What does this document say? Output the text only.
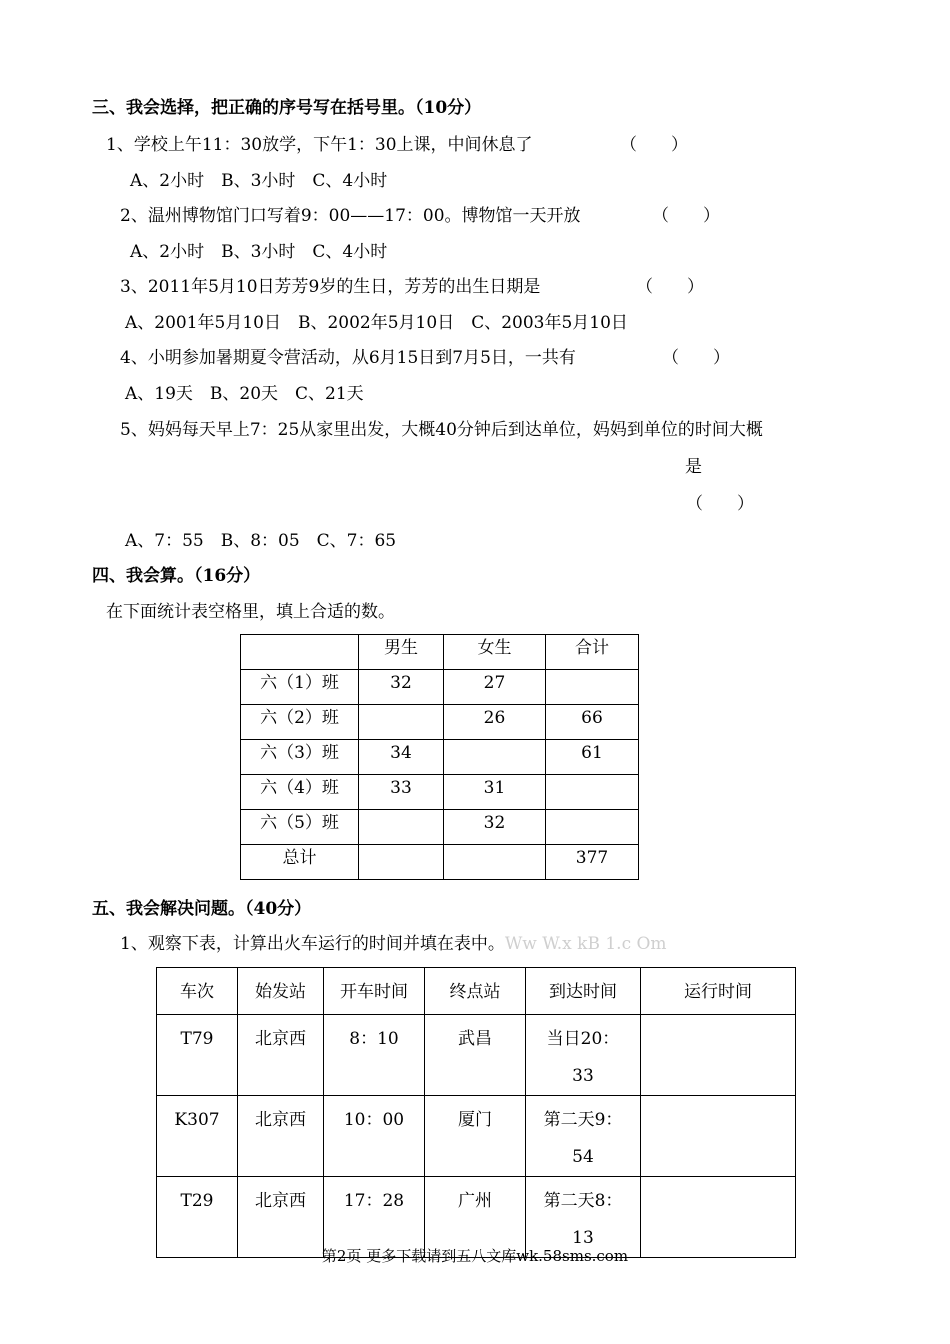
三、我会选择，把正确的序号写在括号里。（10分）
1、学校上午11：30放学，下午1：30上课，中间休息了	（　　）
A、2小时　B、3小时　C、4小时
2、温州博物馆门口写着9：00——17：00。博物馆一天开放	（　　）
A、2小时　B、3小时　C、4小时
3、2011年5月10日芳芳9岁的生日，芳芳的出生日期是	（　　）
A、2001年5月10日　B、2002年5月10日　C、2003年5月10日
4、小明参加暑期夏令营活动，从6月15日到7月5日，一共有	（　　）
A、19天　B、20天　C、21天
5、妈妈每天早上7：25从家里出发，大概40分钟后到达单位，妈妈到单位的时间大概
是
（　　）
A、7：55　B、8：05　C、7：65
四、我会算。（16分）
在下面统计表空格里，填上合适的数。
	男生	女生	合计
六（1）班	32	27	
六（2）班		26	66
六（3）班	34		61
六（4）班	33	31	
六（5）班		32	
总计			377
五、我会解决问题。（40分）
1、观察下表，计算出火车运行的时间并填在表中。Ww W.x kB 1.c Om
车次	始发站	开车时间	终点站	到达时间	运行时间
T79	北京西	8：10	武昌	当日20：33	
K307	北京西	10：00	厦门	第二天9：54	
T29	北京西	17：28	广州	第二天8：13	
第2页 更多下载请到五八文库wk.58sms.com
